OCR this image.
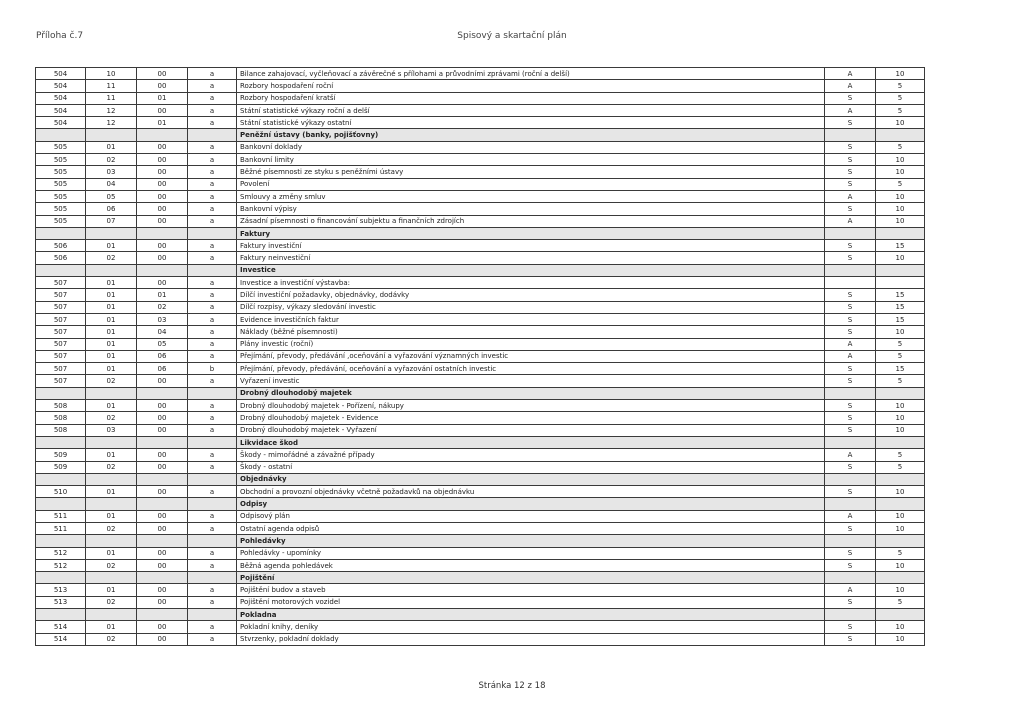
Příloha č.7	Spisový a skartační plán
504	10	00	a	Bilance zahajovací, vyčleňovací a závěrečné s přílohami a průvodními zprávami (roční a delší)	A	10
504	11	00	a	Rozbory hospodaření roční	A	5
504	11	01	a	Rozbory hospodaření kratší	S	5
504	12	00	a	Státní statistické výkazy roční a delší	A	5
504	12	01	a	Státní statistické výkazy ostatní	S	10
				Peněžní ústavy (banky, pojišťovny)		
505	01	00	a	Bankovní doklady	S	5
505	02	00	a	Bankovní limity	S	10
505	03	00	a	Běžné písemnosti ze styku s peněžními ústavy	S	10
505	04	00	a	Povolení	S	5
505	05	00	a	Smlouvy a změny smluv	A	10
505	06	00	a	Bankovní výpisy	S	10
505	07	00	a	Zásadní písemnosti o financování subjektu a finančních zdrojích	A	10
				Faktury		
506	01	00	a	Faktury investiční	S	15
506	02	00	a	Faktury neinvestiční	S	10
				Investice		
507	01	00	a	Investice a investiční výstavba:		
507	01	01	a	Dílčí investiční požadavky, objednávky, dodávky	S	15
507	01	02	a	Dílčí rozpisy, výkazy sledování investic	S	15
507	01	03	a	Evidence investičních faktur	S	15
507	01	04	a	Náklady (běžné písemnosti)	S	10
507	01	05	a	Plány investic (roční)	A	5
507	01	06	a	Přejímání, převody, předávání ,oceňování a vyřazování významných investic	A	5
507	01	06	b	Přejímání, převody, předávání, oceňování a vyřazování ostatních investic	S	15
507	02	00	a	Vyřazení investic	S	5
				Drobný dlouhodobý majetek		
508	01	00	a	Drobný dlouhodobý majetek - Pořízení, nákupy	S	10
508	02	00	a	Drobný dlouhodobý majetek - Evidence	S	10
508	03	00	a	Drobný dlouhodobý majetek - Vyřazení	S	10
				Likvidace škod		
509	01	00	a	Škody - mimořádné a závažné případy	A	5
509	02	00	a	Škody - ostatní	S	5
				Objednávky		
510	01	00	a	Obchodní a provozní objednávky včetně požadavků na objednávku	S	10
				Odpisy		
511	01	00	a	Odpisový plán	A	10
511	02	00	a	Ostatní agenda odpisů	S	10
				Pohledávky		
512	01	00	a	Pohledávky - upomínky	S	5
512	02	00	a	Běžná agenda pohledávek	S	10
				Pojištění		
513	01	00	a	Pojištění budov a staveb	A	10
513	02	00	a	Pojištění motorových vozidel	S	5
				Pokladna		
514	01	00	a	Pokladní knihy, deníky	S	10
514	02	00	a	Stvrzenky, pokladní doklady	S	10
Stránka 12 z 18
